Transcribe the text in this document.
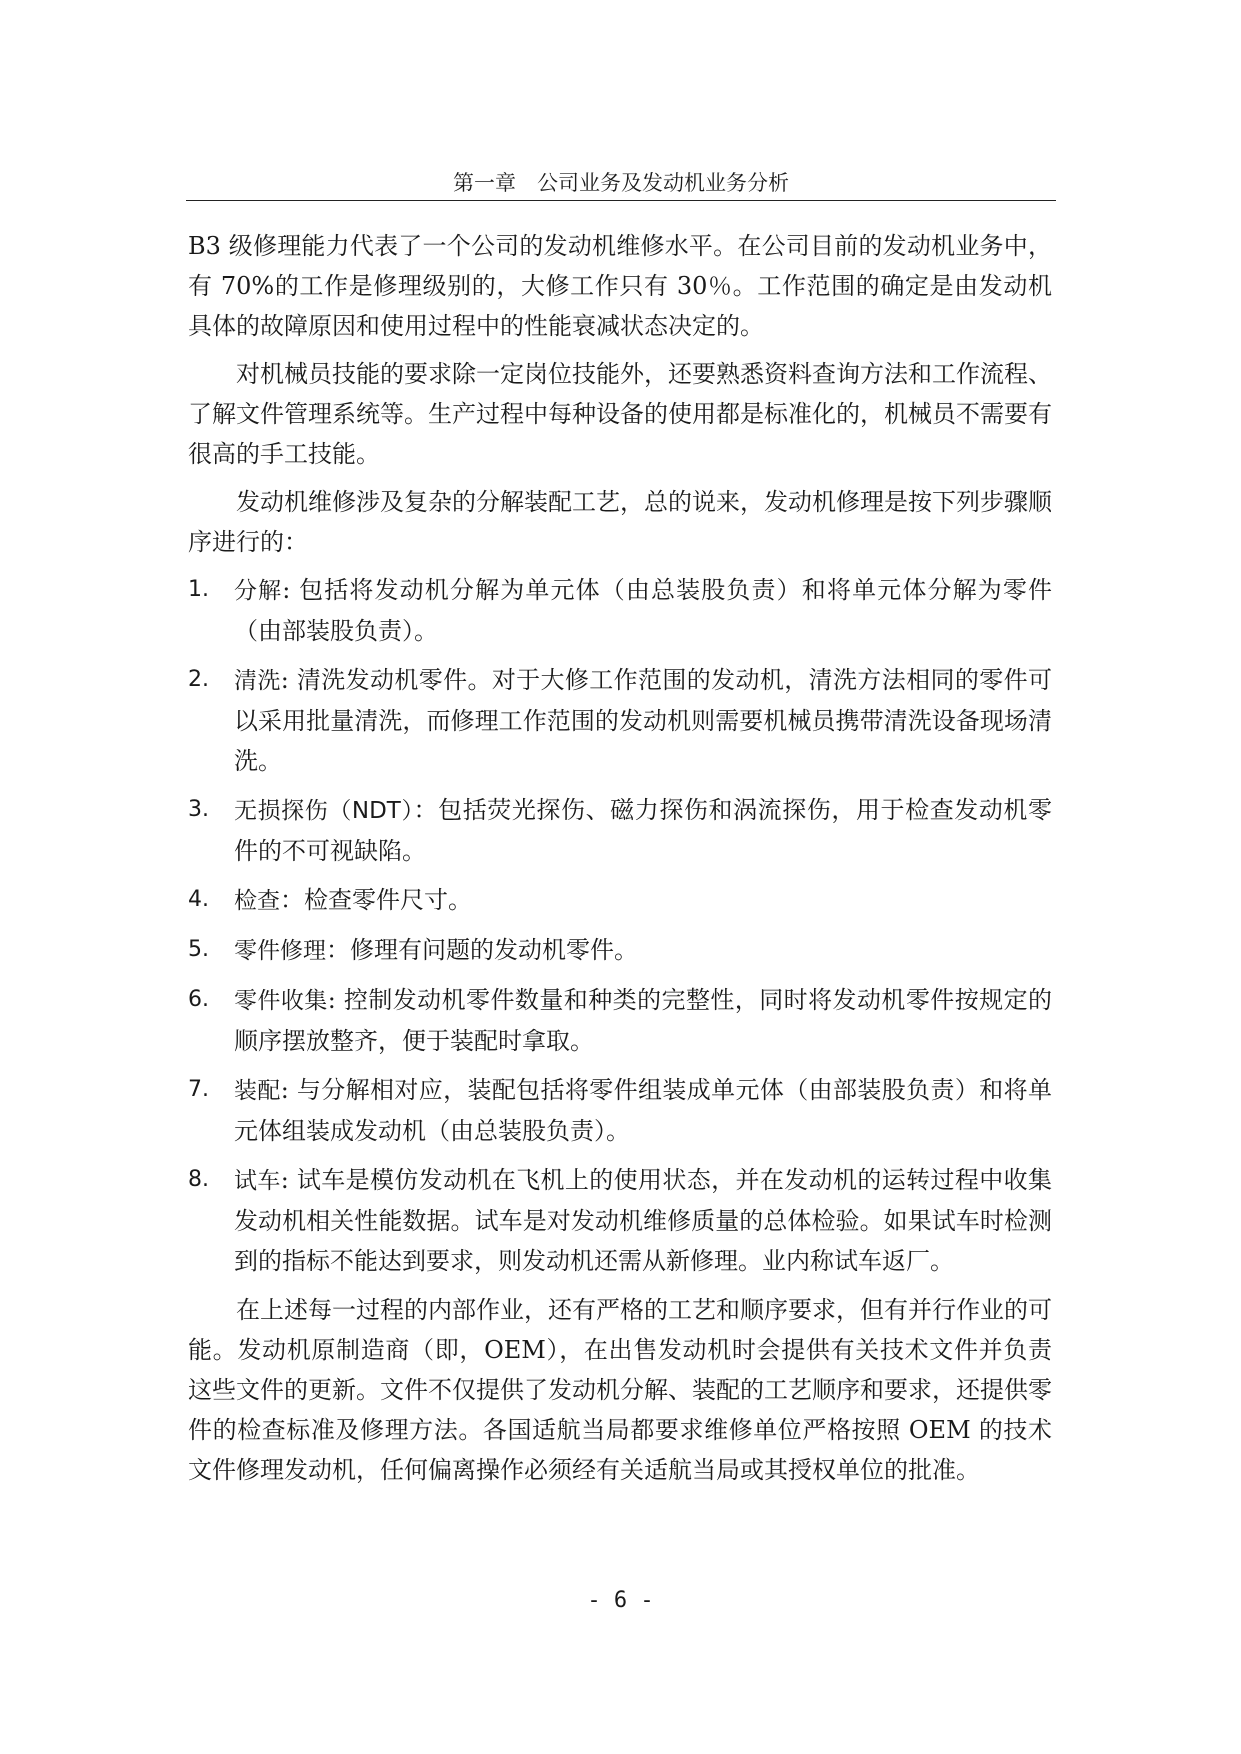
第一章　公司业务及发动机业务分析

B3 级修理能力代表了一个公司的发动机维修水平。在公司目前的发动机业务中，有 70%的工作是修理级别的，大修工作只有 30％。工作范围的确定是由发动机具体的故障原因和使用过程中的性能衰减状态决定的。

对机械员技能的要求除一定岗位技能外，还要熟悉资料查询方法和工作流程、了解文件管理系统等。生产过程中每种设备的使用都是标准化的，机械员不需要有很高的手工技能。

发动机维修涉及复杂的分解装配工艺，总的说来，发动机修理是按下列步骤顺序进行的：

1.	分解: 包括将发动机分解为单元体（由总装股负责）和将单元体分解为零件（由部装股负责）。
2.	清洗: 清洗发动机零件。对于大修工作范围的发动机，清洗方法相同的零件可以采用批量清洗，而修理工作范围的发动机则需要机械员携带清洗设备现场清洗。
3.	无损探伤（NDT）：包括荧光探伤、磁力探伤和涡流探伤，用于检查发动机零件的不可视缺陷。
4.	检查：检查零件尺寸。
5.	零件修理：修理有问题的发动机零件。
6.	零件收集: 控制发动机零件数量和种类的完整性，同时将发动机零件按规定的顺序摆放整齐，便于装配时拿取。
7.	装配: 与分解相对应，装配包括将零件组装成单元体（由部装股负责）和将单元体组装成发动机（由总装股负责）。
8.	试车: 试车是模仿发动机在飞机上的使用状态，并在发动机的运转过程中收集发动机相关性能数据。试车是对发动机维修质量的总体检验。如果试车时检测到的指标不能达到要求，则发动机还需从新修理。业内称试车返厂。

在上述每一过程的内部作业，还有严格的工艺和顺序要求，但有并行作业的可能。发动机原制造商（即，OEM），在出售发动机时会提供有关技术文件并负责这些文件的更新。文件不仅提供了发动机分解、装配的工艺顺序和要求，还提供零件的检查标准及修理方法。各国适航当局都要求维修单位严格按照 OEM 的技术文件修理发动机，任何偏离操作必须经有关适航当局或其授权单位的批准。

- 6 -
